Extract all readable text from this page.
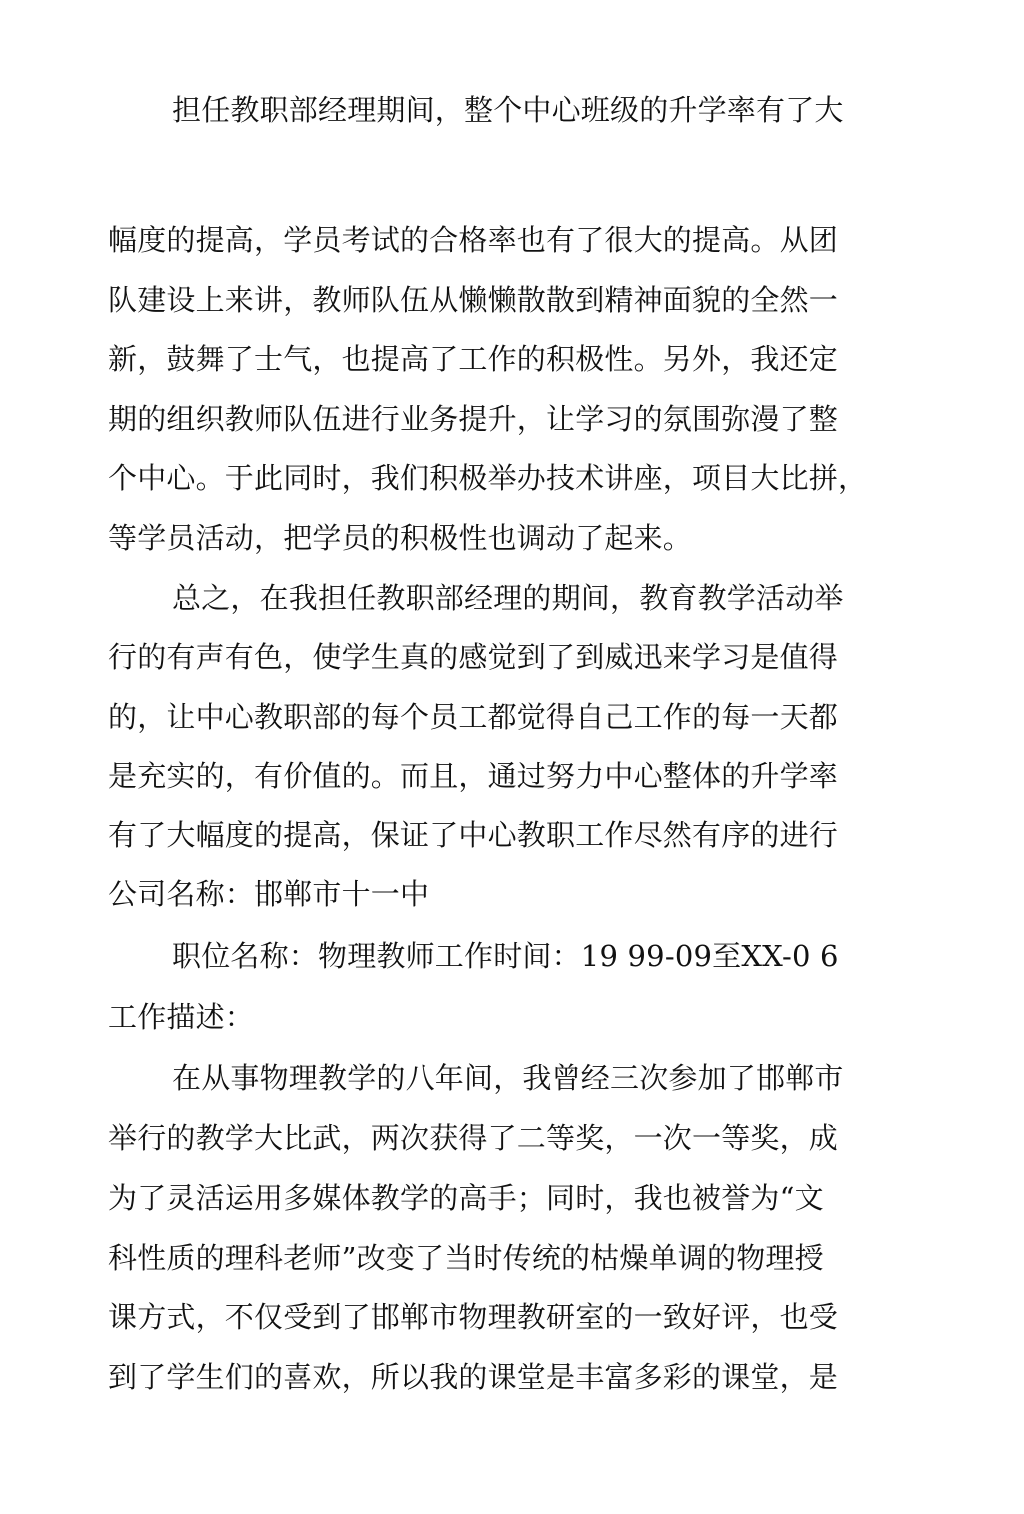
担任教职部经理期间，整个中心班级的升学率有了大
幅度的提高，学员考试的合格率也有了很大的提高。从团
队建设上来讲，教师队伍从懒懒散散到精神面貌的全然一
新，鼓舞了士气，也提高了工作的积极性。另外，我还定
期的组织教师队伍进行业务提升，让学习的氛围弥漫了整
个中心。于此同时，我们积极举办技术讲座，项目大比拼，
等学员活动，把学员的积极性也调动了起来。
总之，在我担任教职部经理的期间，教育教学活动举
行的有声有色，使学生真的感觉到了到威迅来学习是值得
的，让中心教职部的每个员工都觉得自己工作的每一天都
是充实的，有价值的。而且，通过努力中心整体的升学率
有了大幅度的提高，保证了中心教职工作尽然有序的进行
公司名称：邯郸市十一中
职位名称：物理教师工作时间：19 99-09至XX-0 6
工作描述：
在从事物理教学的八年间，我曾经三次参加了邯郸市
举行的教学大比武，两次获得了二等奖，一次一等奖，成
为了灵活运用多媒体教学的高手；同时，我也被誉为“文
科性质的理科老师”改变了当时传统的枯燥单调的物理授
课方式，不仅受到了邯郸市物理教研室的一致好评，也受
到了学生们的喜欢，所以我的课堂是丰富多彩的课堂，是
